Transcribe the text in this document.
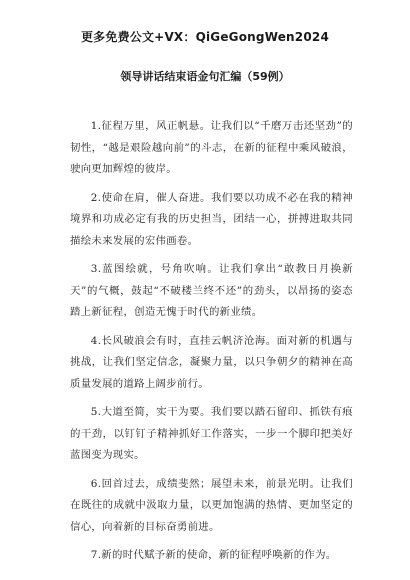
更多免费公文+VX：QiGeGongWen2024
领导讲话结束语金句汇编（59例）

1.征程万里，风正帆悬。让我们以“千磨万击还坚劲”的韧性，“越是艰险越向前”的斗志，在新的征程中乘风破浪，驶向更加辉煌的彼岸。

2.使命在肩，催人奋进。我们要以功成不必在我的精神境界和功成必定有我的历史担当，团结一心，拼搏进取共同描绘未来发展的宏伟画卷。

3.蓝图绘就，号角吹响。让我们拿出“敢教日月换新天”的气概，鼓起“不破楼兰终不还”的劲头，以昂扬的姿态踏上新征程，创造无愧于时代的新业绩。

4.长风破浪会有时，直挂云帆济沧海。面对新的机遇与挑战，让我们坚定信念，凝聚力量，以只争朝夕的精神在高质量发展的道路上阔步前行。

5.大道至简，实干为要。我们要以踏石留印、抓铁有痕的干劲，以钉钉子精神抓好工作落实，一步一个脚印把美好蓝图变为现实。

6.回首过去，成绩斐然；展望未来，前景光明。让我们在既往的成就中汲取力量，以更加饱满的热情、更加坚定的信心，向着新的目标奋勇前进。

7.新的时代赋予新的使命，新的征程呼唤新的作为。
